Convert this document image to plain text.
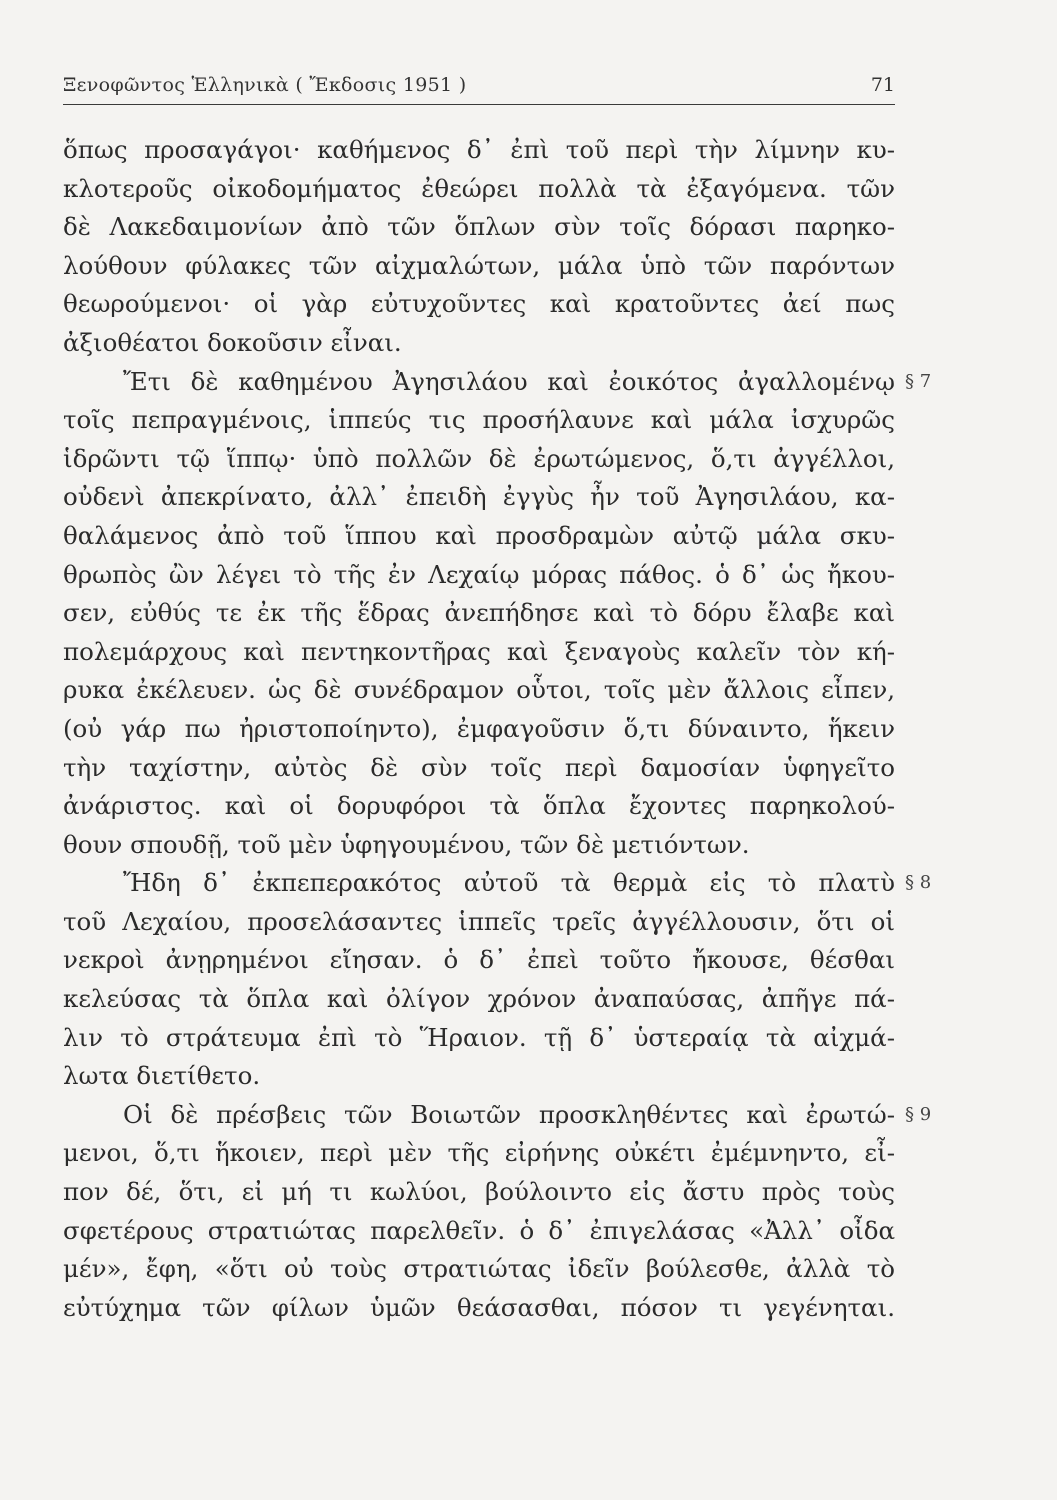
Ξενοφῶντος Ἑλληνικὰ ( Ἔκδοσις 1951 )	71
ὅπως προσαγάγοι· καθήμενος δ᾽ ἐπὶ τοῦ περὶ τὴν λίμνην κυ-
κλοτεροῦς οἰκοδομήματος ἐθεώρει πολλὰ τὰ ἐξαγόμενα. τῶν
δὲ Λακεδαιμονίων ἀπὸ τῶν ὅπλων σὺν τοῖς δόρασι παρηκο-
λούθουν φύλακες τῶν αἰχμαλώτων, μάλα ὑπὸ τῶν παρόντων
θεωρούμενοι· οἱ γὰρ εὐτυχοῦντες καὶ κρατοῦντες ἀεί πως
ἀξιοθέατοι δοκοῦσιν εἶναι.
Ἔτι δὲ καθημένου Ἀγησιλάου καὶ ἐοικότος ἀγαλλομένῳ § 7
τοῖς πεπραγμένοις, ἱππεύς τις προσήλαυνε καὶ μάλα ἰσχυρῶς
ἱδρῶντι τῷ ἵππῳ· ὑπὸ πολλῶν δὲ ἐρωτώμενος, ὅ,τι ἀγγέλλοι,
οὐδενὶ ἀπεκρίνατο, ἀλλ᾽ ἐπειδὴ ἐγγὺς ἦν τοῦ Ἀγησιλάου, κα-
θαλάμενος ἀπὸ τοῦ ἵππου καὶ προσδραμὼν αὐτῷ μάλα σκυ-
θρωπὸς ὢν λέγει τὸ τῆς ἐν Λεχαίῳ μόρας πάθος. ὁ δ᾽ ὡς ἤκου-
σεν, εὐθύς τε ἐκ τῆς ἕδρας ἀνεπήδησε καὶ τὸ δόρυ ἔλαβε καὶ
πολεμάρχους καὶ πεντηκοντῆρας καὶ ξεναγοὺς καλεῖν τὸν κή-
ρυκα ἐκέλευεν. ὡς δὲ συνέδραμον οὗτοι, τοῖς μὲν ἄλλοις εἶπεν,
(οὐ γάρ πω ἠριστοποίηντο), ἐμφαγοῦσιν ὅ,τι δύναιντο, ἥκειν
τὴν ταχίστην, αὐτὸς δὲ σὺν τοῖς περὶ δαμοσίαν ὑφηγεῖτο
ἀνάριστος. καὶ οἱ δορυφόροι τὰ ὅπλα ἔχοντες παρηκολού-
θουν σπουδῇ, τοῦ μὲν ὑφηγουμένου, τῶν δὲ μετιόντων.
Ἤδη δ᾽ ἐκπεπερακότος αὐτοῦ τὰ θερμὰ εἰς τὸ πλατὺ § 8
τοῦ Λεχαίου, προσελάσαντες ἱππεῖς τρεῖς ἀγγέλλουσιν, ὅτι οἱ
νεκροὶ ἀνῃρημένοι εἴησαν. ὁ δ᾽ ἐπεὶ τοῦτο ἤκουσε, θέσθαι
κελεύσας τὰ ὅπλα καὶ ὀλίγον χρόνον ἀναπαύσας, ἀπῆγε πά-
λιν τὸ στράτευμα ἐπὶ τὸ Ἥραιον. τῇ δ᾽ ὑστεραίᾳ τὰ αἰχμά-
λωτα διετίθετο.
Οἱ δὲ πρέσβεις τῶν Βοιωτῶν προσκληθέντες καὶ ἐρωτώ- § 9
μενοι, ὅ,τι ἥκοιεν, περὶ μὲν τῆς εἰρήνης οὐκέτι ἐμέμνηντο, εἶ-
πον δέ, ὅτι, εἰ μή τι κωλύοι, βούλοιντο εἰς ἄστυ πρὸς τοὺς
σφετέρους στρατιώτας παρελθεῖν. ὁ δ᾽ ἐπιγελάσας «Ἀλλ᾽ οἶδα
μέν», ἔφη, «ὅτι οὐ τοὺς στρατιώτας ἰδεῖν βούλεσθε, ἀλλὰ τὸ
εὐτύχημα τῶν φίλων ὑμῶν θεάσασθαι, πόσον τι γεγένηται.
